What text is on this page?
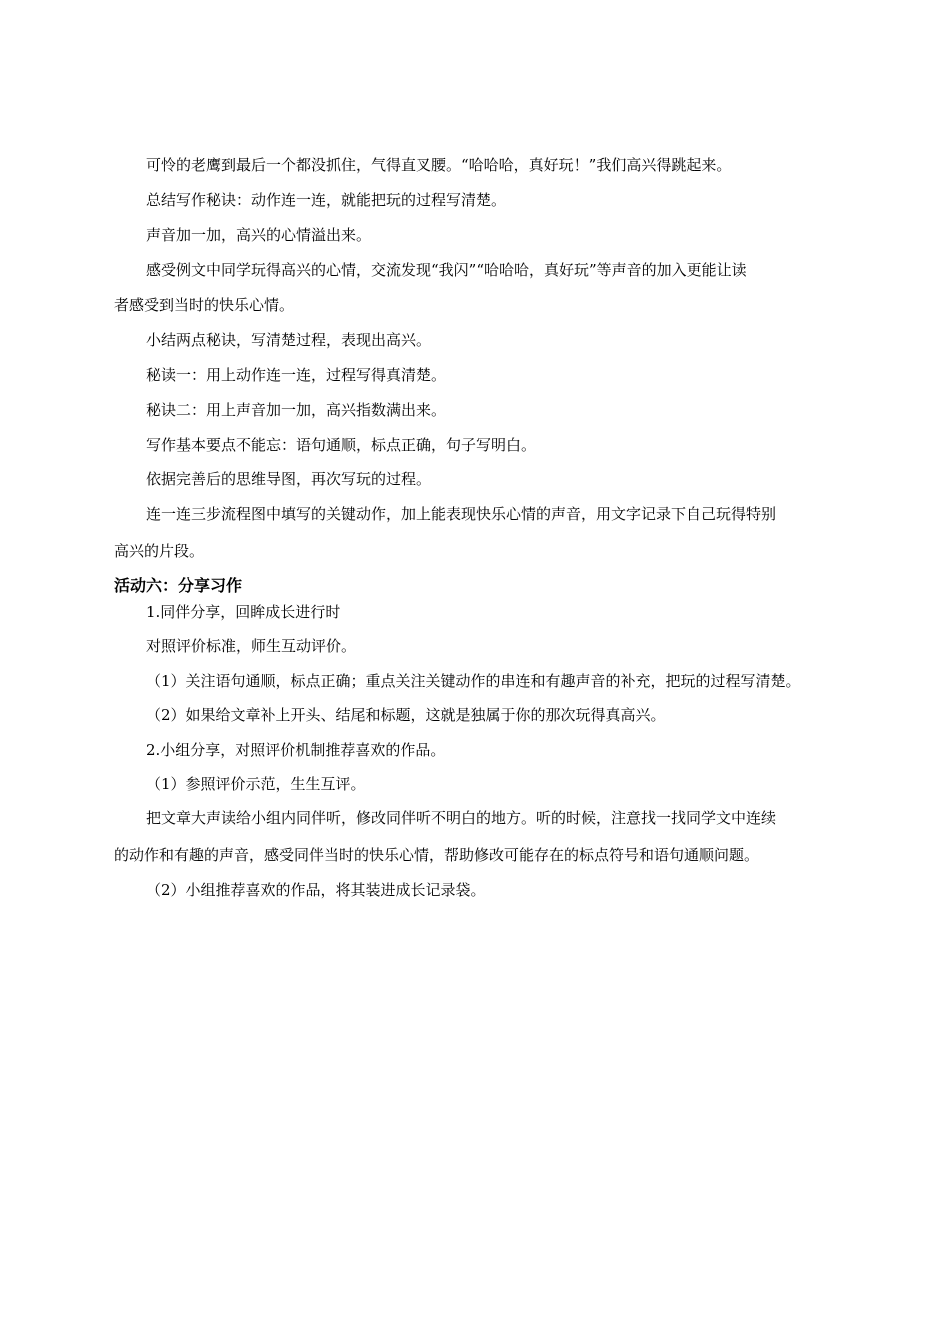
可怜的老鹰到最后一个都没抓住，气得直叉腰。“哈哈哈，真好玩！”我们高兴得跳起来。
总结写作秘诀：动作连一连，就能把玩的过程写清楚。
声音加一加，高兴的心情溢出来。
感受例文中同学玩得高兴的心情，交流发现“我闪”“哈哈哈，真好玩”等声音的加入更能让读
者感受到当时的快乐心情。
小结两点秘诀，写清楚过程，表现出高兴。
秘读一：用上动作连一连，过程写得真清楚。
秘诀二：用上声音加一加，高兴指数满出来。
写作基本要点不能忘：语句通顺，标点正确，句子写明白。
依据完善后的思维导图，再次写玩的过程。
连一连三步流程图中填写的关键动作，加上能表现快乐心情的声音，用文字记录下自己玩得特别
高兴的片段。
活动六：分享习作
1.同伴分享，回眸成长进行时
对照评价标准，师生互动评价。
（1）关注语句通顺，标点正确；重点关注关键动作的串连和有趣声音的补充，把玩的过程写清楚。
（2）如果给文章补上开头、结尾和标题，这就是独属于你的那次玩得真高兴。
2.小组分享，对照评价机制推荐喜欢的作品。
（1）参照评价示范，生生互评。
把文章大声读给小组内同伴听，修改同伴听不明白的地方。听的时候，注意找一找同学文中连续
的动作和有趣的声音，感受同伴当时的快乐心情，帮助修改可能存在的标点符号和语句通顺问题。
（2）小组推荐喜欢的作品，将其装进成长记录袋。
